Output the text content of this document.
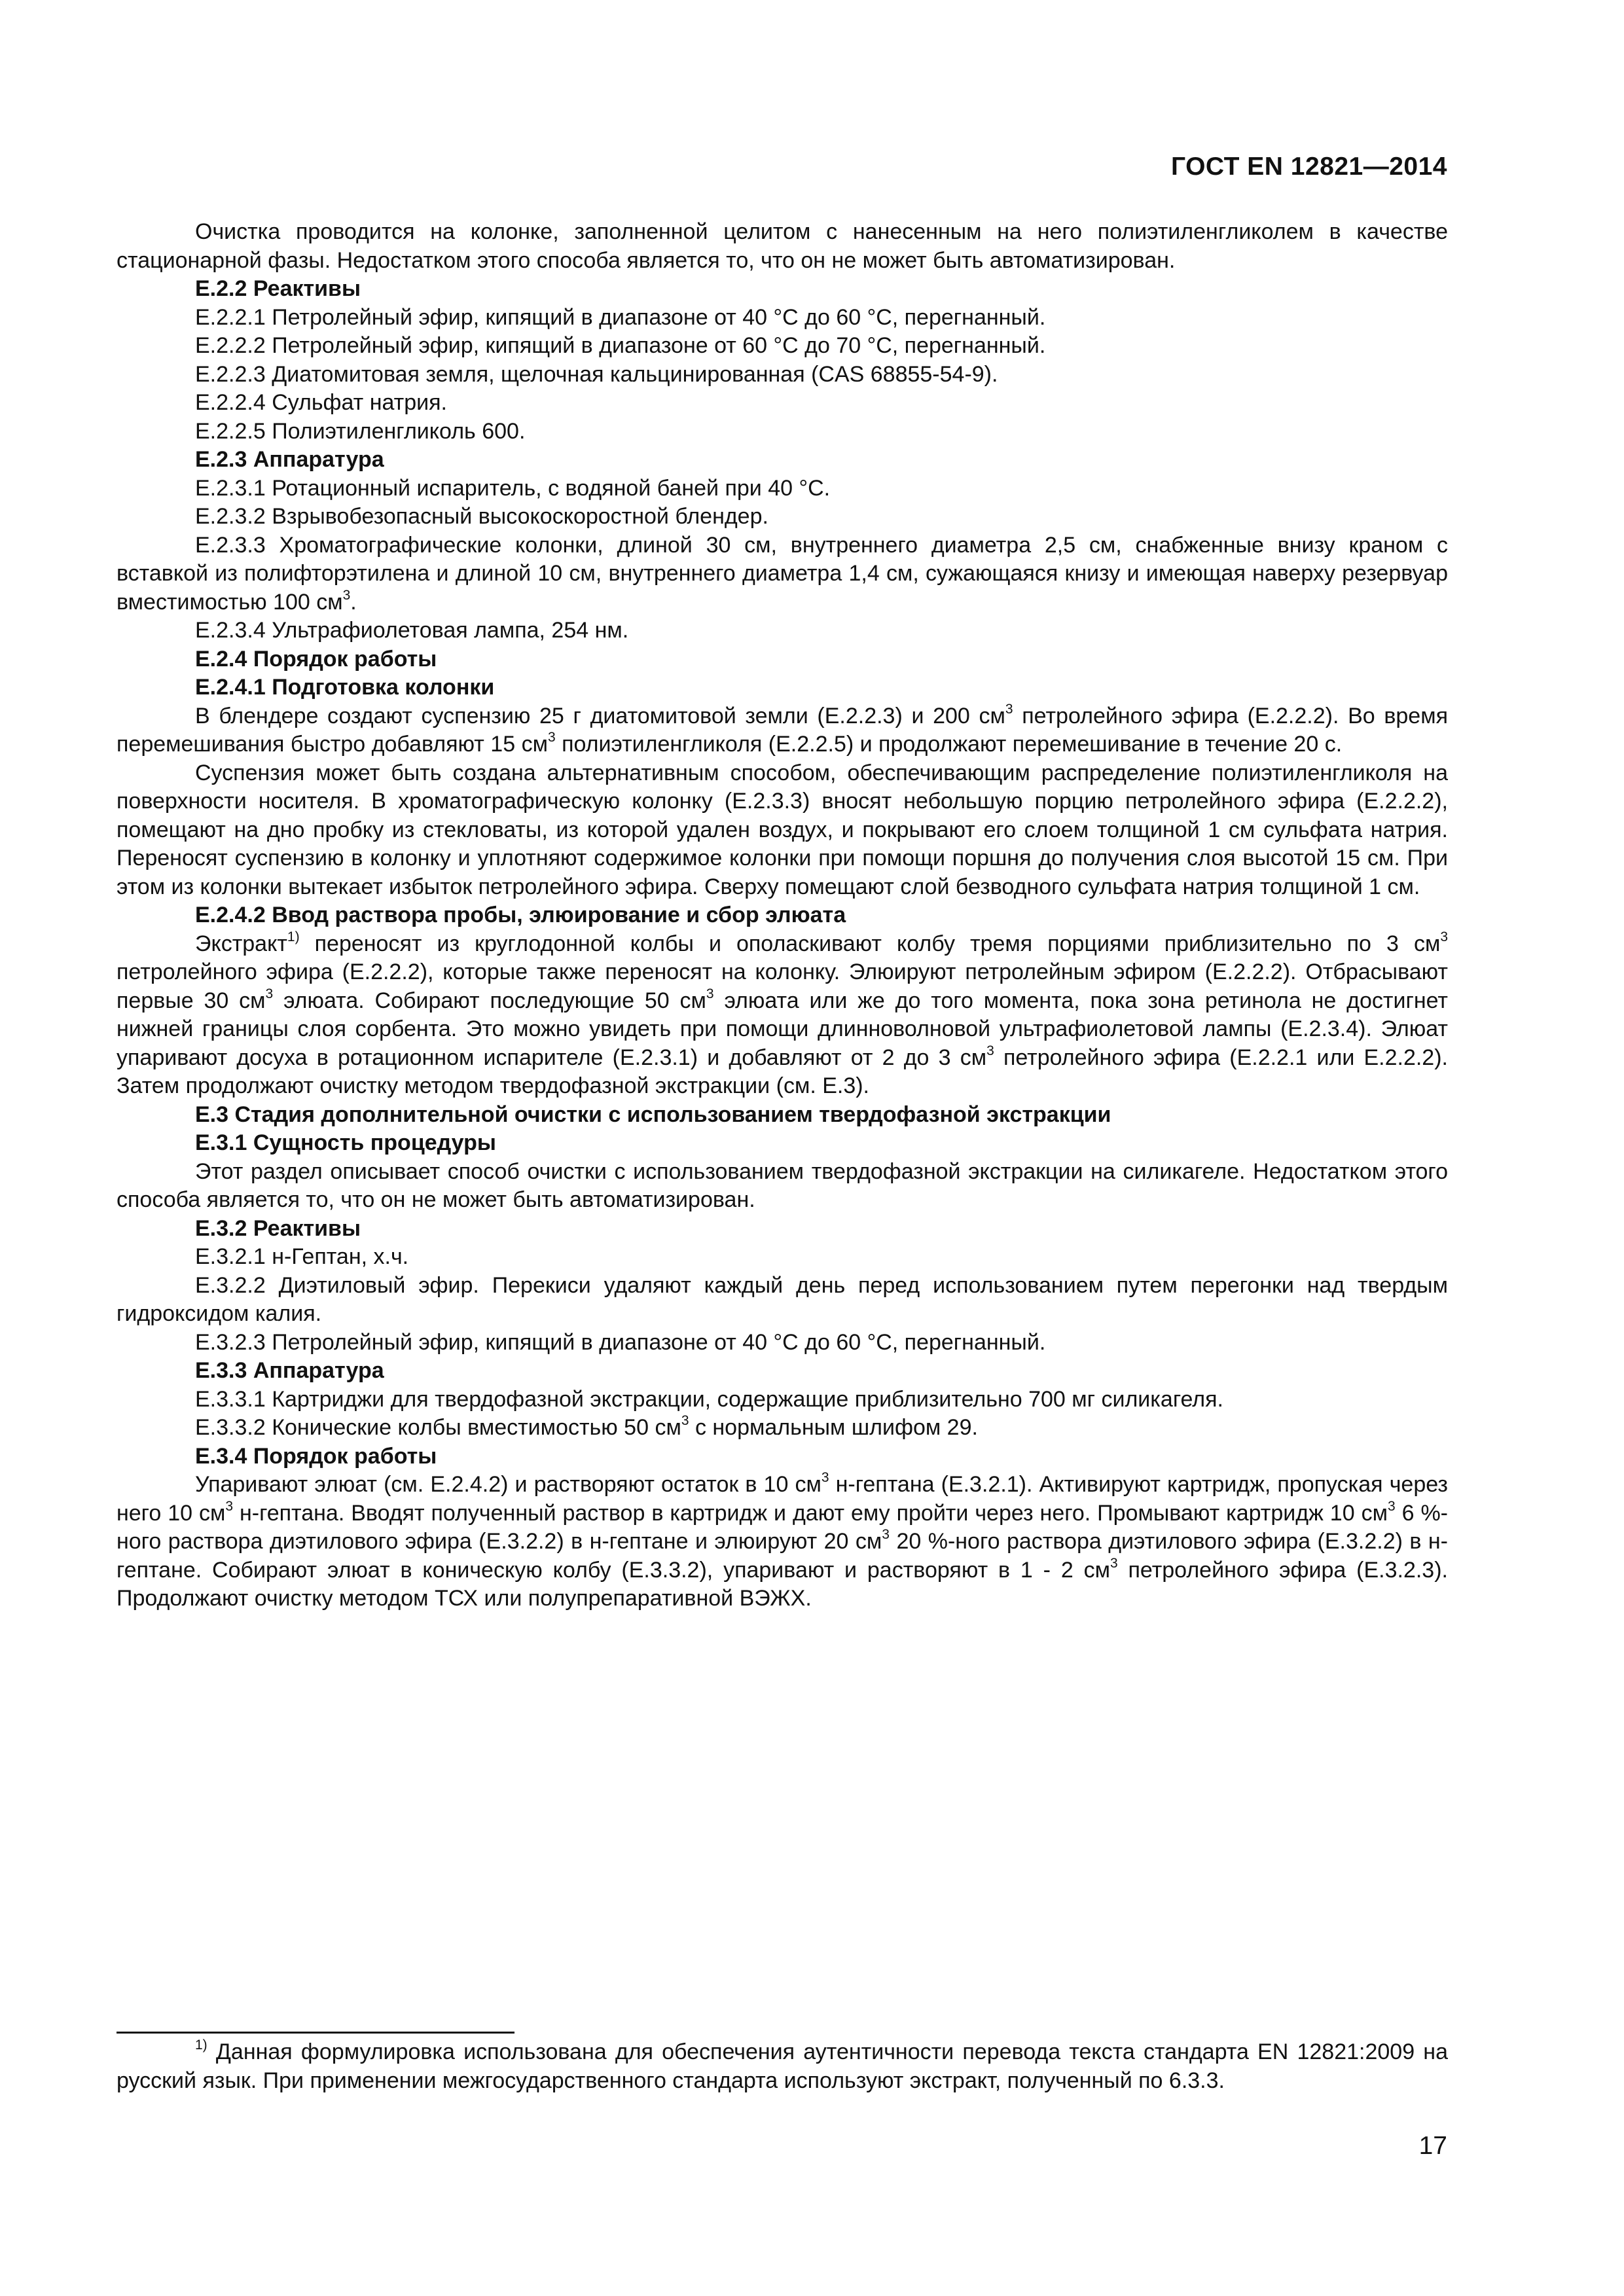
ГОСТ EN 12821—2014

Очистка проводится на колонке, заполненной целитом с нанесенным на него полиэтиленгликолем в качестве стационарной фазы. Недостатком этого способа является то, что он не может быть автоматизирован.

Е.2.2 Реактивы

Е.2.2.1 Петролейный эфир, кипящий в диапазоне от 40 °С до 60 °С, перегнанный.

Е.2.2.2 Петролейный эфир, кипящий в диапазоне от 60 °С до 70 °С, перегнанный.

Е.2.2.3 Диатомитовая земля, щелочная кальцинированная (CAS 68855-54-9).

Е.2.2.4 Сульфат натрия.

Е.2.2.5 Полиэтиленгликоль 600.

Е.2.3 Аппаратура

Е.2.3.1 Ротационный испаритель, с водяной баней при 40 °С.

Е.2.3.2 Взрывобезопасный высокоскоростной блендер.

Е.2.3.3 Хроматографические колонки, длиной 30 см, внутреннего диаметра 2,5 см, снабженные внизу краном с вставкой из полифторэтилена и длиной 10 см, внутреннего диаметра 1,4 см, сужающаяся книзу и имеющая наверху резервуар вместимостью 100 $см^3$.

Е.2.3.4 Ультрафиолетовая лампа, 254 нм.

Е.2.4 Порядок работы

Е.2.4.1 Подготовка колонки

В блендере создают суспензию 25 г диатомитовой земли (Е.2.2.3) и 200 $см^3$ петролейного эфира (Е.2.2.2). Во время перемешивания быстро добавляют 15 $см^3$ полиэтиленгликоля (Е.2.2.5) и продолжают перемешивание в течение 20 с.

Суспензия может быть создана альтернативным способом, обеспечивающим распределение полиэтиленгликоля на поверхности носителя. В хроматографическую колонку (Е.2.3.3) вносят небольшую порцию петролейного эфира (Е.2.2.2), помещают на дно пробку из стекловаты, из которой удален воздух, и покрывают его слоем толщиной 1 см сульфата натрия. Переносят суспензию в колонку и уплотняют содержимое колонки при помощи поршня до получения слоя высотой 15 см. При этом из колонки вытекает избыток петролейного эфира. Сверху помещают слой безводного сульфата натрия толщиной 1 см.

Е.2.4.2 Ввод раствора пробы, элюирование и сбор элюата

Экстракт$^{1)}$ переносят из круглодонной колбы и ополаскивают колбу тремя порциями приблизительно по 3 $см^3$ петролейного эфира (Е.2.2.2), которые также переносят на колонку. Элюируют петролейным эфиром (Е.2.2.2). Отбрасывают первые 30 $см^3$ элюата. Собирают последующие 50 $см^3$ элюата или же до того момента, пока зона ретинола не достигнет нижней границы слоя сорбента. Это можно увидеть при помощи длинноволновой ультрафиолетовой лампы (Е.2.3.4). Элюат упаривают досуха в ротационном испарителе (Е.2.3.1) и добавляют от 2 до 3 $см^3$ петролейного эфира (Е.2.2.1 или Е.2.2.2). Затем продолжают очистку методом твердофазной экстракции (см. Е.3).

Е.3 Стадия дополнительной очистки с использованием твердофазной экстракции

Е.3.1 Сущность процедуры

Этот раздел описывает способ очистки с использованием твердофазной экстракции на силикагеле. Недостатком этого способа является то, что он не может быть автоматизирован.

Е.3.2 Реактивы

Е.3.2.1 н-Гептан, х.ч.

Е.3.2.2 Диэтиловый эфир. Перекиси удаляют каждый день перед использованием путем перегонки над твердым гидроксидом калия.

Е.3.2.3 Петролейный эфир, кипящий в диапазоне от 40 °С до 60 °С, перегнанный.

Е.3.3 Аппаратура

Е.3.3.1 Картриджи для твердофазной экстракции, содержащие приблизительно 700 мг силикагеля.

Е.3.3.2 Конические колбы вместимостью 50 $см^3$ с нормальным шлифом 29.

Е.3.4 Порядок работы

Упаривают элюат (см. Е.2.4.2) и растворяют остаток в 10 $см^3$ н-гептана (Е.3.2.1). Активируют картридж, пропуская через него 10 $см^3$ н-гептана. Вводят полученный раствор в картридж и дают ему пройти через него. Промывают картридж 10 $см^3$ 6 %-ного раствора диэтилового эфира (Е.3.2.2) в н-гептане и элюируют 20 $см^3$ 20 %-ного раствора диэтилового эфира (Е.3.2.2) в н-гептане. Собирают элюат в коническую колбу (Е.3.3.2), упаривают и растворяют в 1 - 2 $см^3$ петролейного эфира (Е.3.2.3). Продолжают очистку методом ТСХ или полупрепаративной ВЭЖХ.

$^{1)}$ Данная формулировка использована для обеспечения аутентичности перевода текста стандарта EN 12821:2009 на русский язык. При применении межгосударственного стандарта используют экстракт, полученный по 6.3.3.
17
